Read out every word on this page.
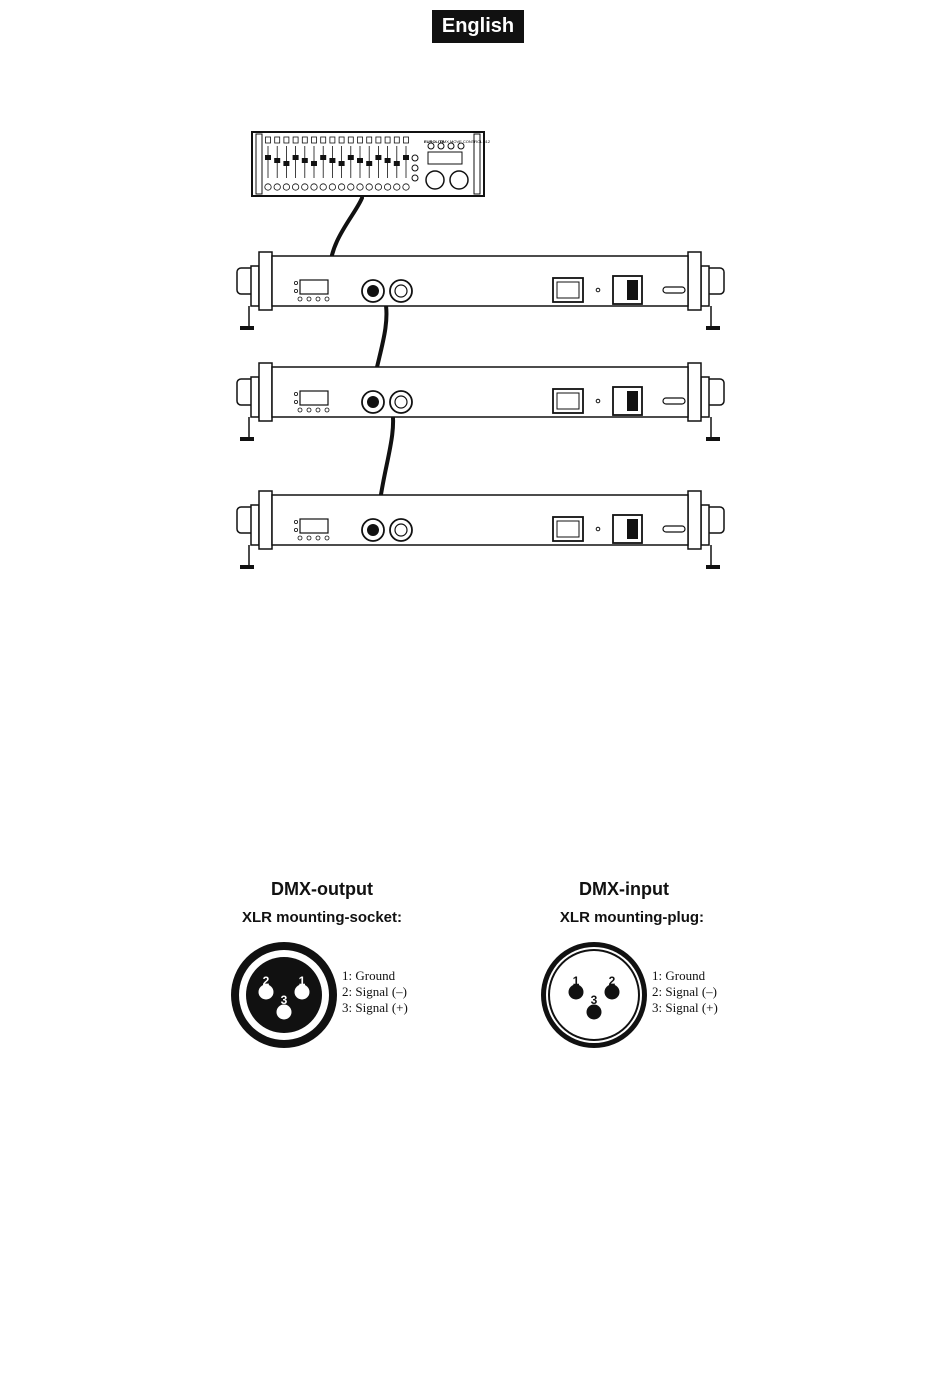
English
EUROLITE
DMX MOVE CONTROL 512
2 1
3
1 2
3
DMX-output
XLR mounting-socket:
1: Ground
2: Signal (–)
3: Signal (+)
DMX-input
XLR mounting-plug:
1: Ground
2: Signal (–)
3: Signal (+)
